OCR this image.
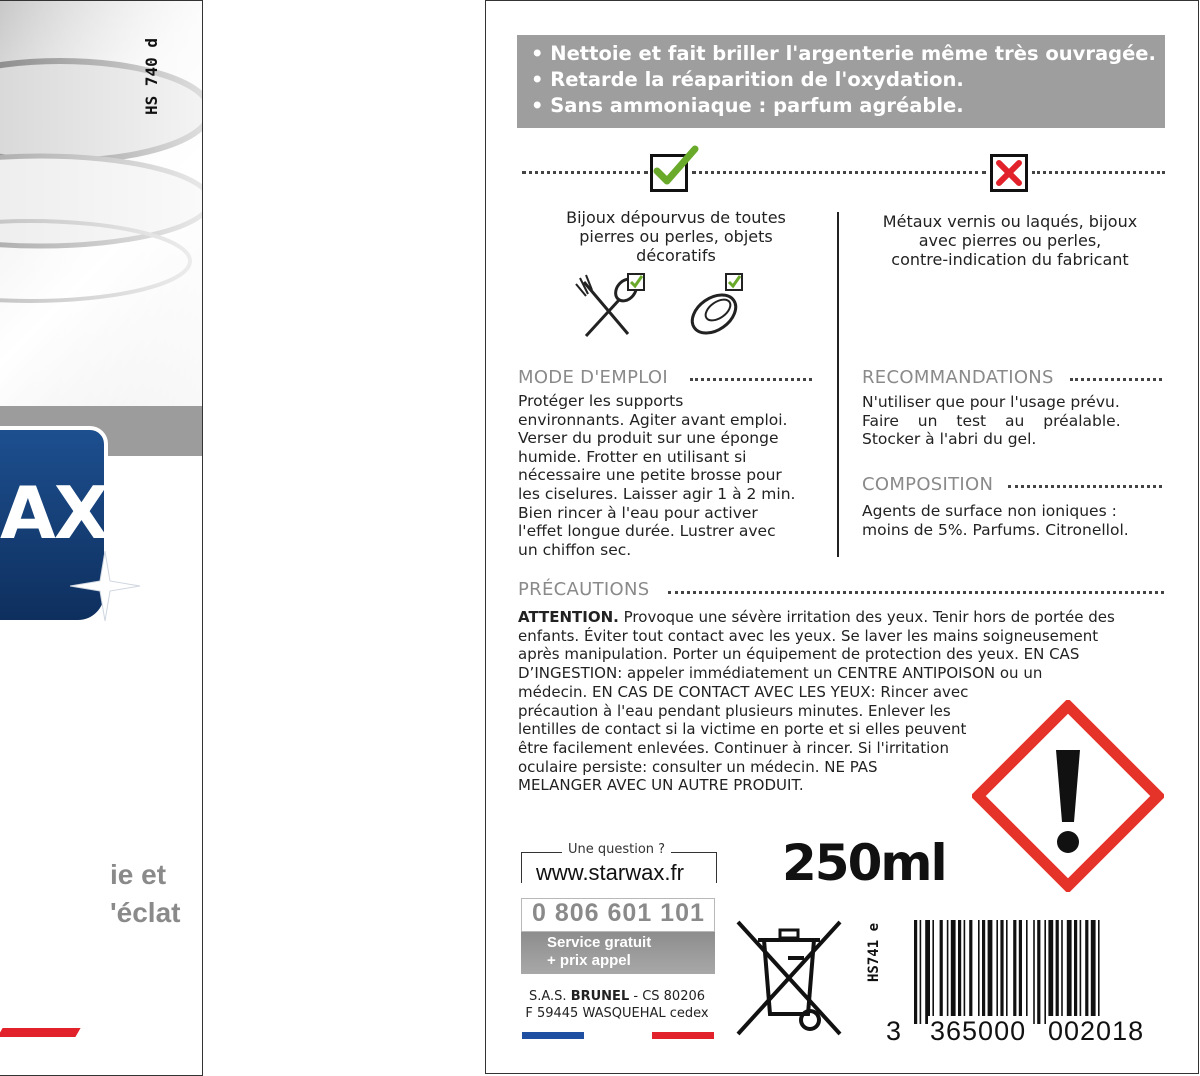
AX®
HS 740 d
ie et
'éclat
• Nettoie et fait briller l'argenterie même très ouvragée.
• Retarde la réaparition de l'oxydation.
• Sans ammoniaque : parfum agréable.
Bijoux dépourvus de toutes
pierres ou perles, objets
décoratifs
Métaux vernis ou laqués, bijoux
avec pierres ou perles,
contre-indication du fabricant
MODE D'EMPLOI
Protéger les supports
environnants. Agiter avant emploi.
Verser du produit sur une éponge
humide. Frotter en utilisant si
nécessaire une petite brosse pour
les ciselures. Laisser agir 1 à 2 min.
Bien rincer à l'eau pour activer
l'effet longue durée. Lustrer avec
un chiffon sec.
RECOMMANDATIONS
N'utiliser que pour l'usage prévu.
Faire un test au préalable.
Stocker à l'abri du gel.
COMPOSITION
Agents de surface non ioniques :
moins de 5%. Parfums. Citronellol.
PRÉCAUTIONS
ATTENTION. Provoque une sévère irritation des yeux. Tenir hors de portée des
enfants. Éviter tout contact avec les yeux. Se laver les mains soigneusement
après manipulation. Porter un équipement de protection des yeux. EN CAS
D’INGESTION: appeler immédiatement un CENTRE ANTIPOISON ou un
médecin. EN CAS DE CONTACT AVEC LES YEUX: Rincer avec
précaution à l'eau pendant plusieurs minutes. Enlever les
lentilles de contact si la victime en porte et si elles peuvent
être facilement enlevées. Continuer à rincer. Si l'irritation
oculaire persiste: consulter un médecin. NE PAS
MELANGER AVEC UN AUTRE PRODUIT.
Une question ?
www.starwax.fr
0 806 601 101
Service gratuit
+ prix appel
S.A.S. BRUNEL - CS 80206
F 59445 WASQUEHAL cedex
250ml
HS741 e
3 365000 002018
